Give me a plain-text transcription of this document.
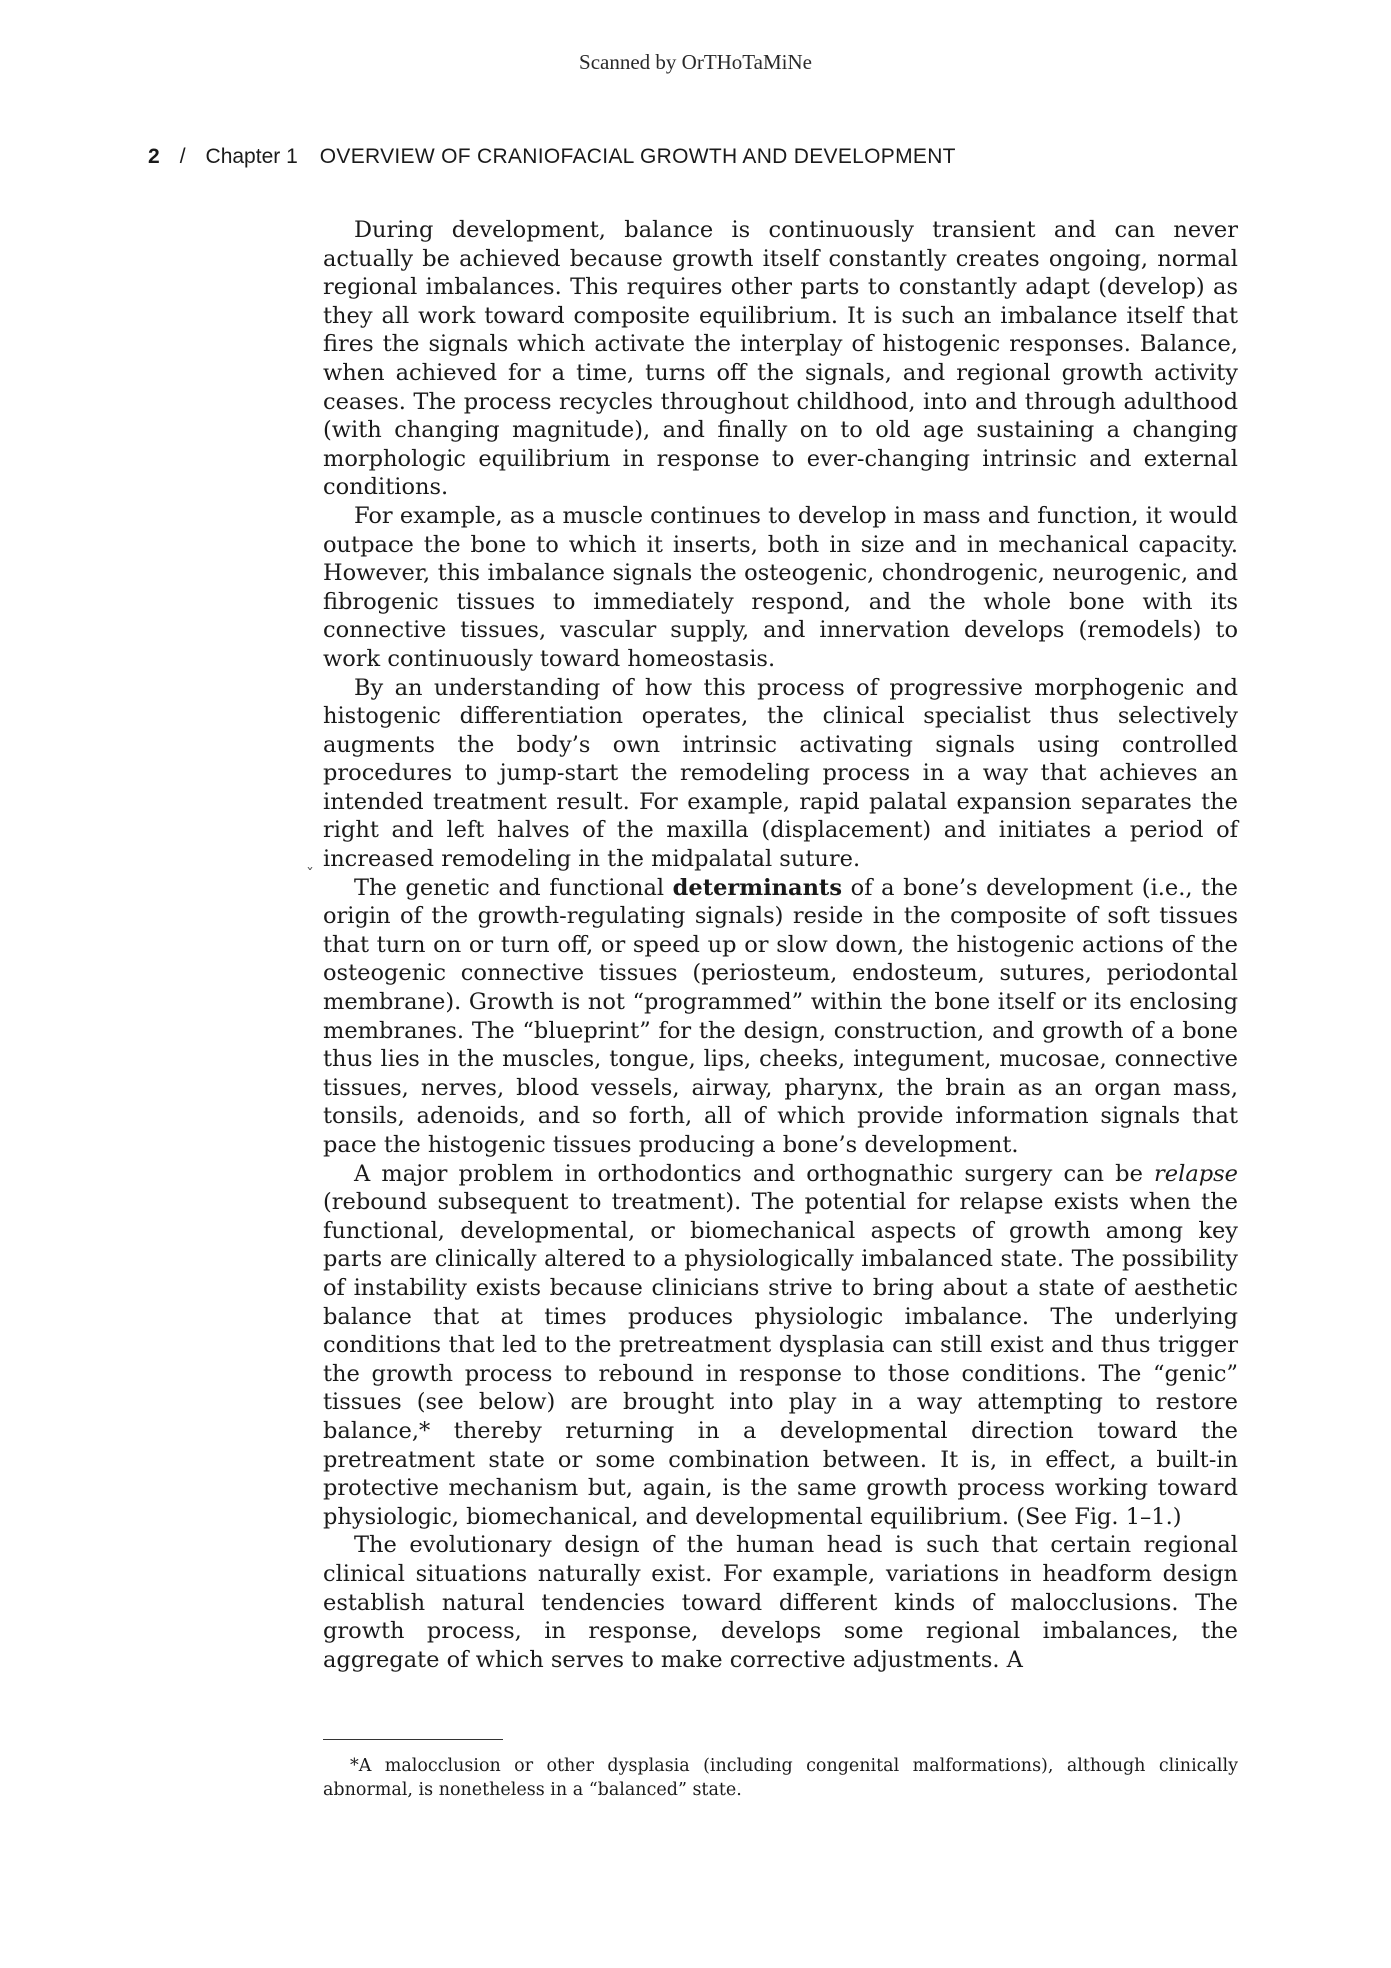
Scanned by OrTHoTaMiNe
2 / Chapter 1 OVERVIEW OF CRANIOFACIAL GROWTH AND DEVELOPMENT
ˇ

During development, balance is continuously transient and can never actually be achieved because growth itself constantly creates ongoing, normal regional imbalances. This requires other parts to constantly adapt (develop) as they all work toward composite equilibrium. It is such an imbalance itself that fires the signals which activate the interplay of histogenic responses. Balance, when achieved for a time, turns off the signals, and regional growth activity ceases. The process recycles throughout childhood, into and through adulthood (with changing magnitude), and finally on to old age sustaining a changing morphologic equilibrium in response to ever-changing intrinsic and external conditions.

For example, as a muscle continues to develop in mass and function, it would outpace the bone to which it inserts, both in size and in mechanical capacity. However, this imbalance signals the osteogenic, chondrogenic, neurogenic, and fibrogenic tissues to immediately respond, and the whole bone with its connective tissues, vascular supply, and innervation develops (remodels) to work continuously toward homeostasis.

By an understanding of how this process of progressive morphogenic and histogenic differentiation operates, the clinical specialist thus selectively augments the body’s own intrinsic activating signals using controlled procedures to jump-start the remodeling process in a way that achieves an intended treatment result. For example, rapid palatal expansion separates the right and left halves of the maxilla (displacement) and initiates a period of increased remodeling in the midpalatal suture.

The genetic and functional determinants of a bone’s development (i.e., the origin of the growth-regulating signals) reside in the composite of soft tissues that turn on or turn off, or speed up or slow down, the histogenic actions of the osteogenic connective tissues (periosteum, endosteum, sutures, periodontal membrane). Growth is not “programmed” within the bone itself or its enclosing membranes. The “blueprint” for the design, construction, and growth of a bone thus lies in the muscles, tongue, lips, cheeks, integument, mucosae, connective tissues, nerves, blood vessels, airway, pharynx, the brain as an organ mass, tonsils, adenoids, and so forth, all of which provide information signals that pace the histogenic tissues producing a bone’s development.

A major problem in orthodontics and orthognathic surgery can be relapse (rebound subsequent to treatment). The potential for relapse exists when the functional, developmental, or biomechanical aspects of growth among key parts are clinically altered to a physiologically imbalanced state. The possibility of instability exists because clinicians strive to bring about a state of aesthetic balance that at times produces physiologic imbalance. The underlying conditions that led to the pretreatment dysplasia can still exist and thus trigger the growth process to rebound in response to those conditions. The “genic” tissues (see below) are brought into play in a way attempting to restore balance,* thereby returning in a developmental direction toward the pretreatment state or some combination between. It is, in effect, a built-in protective mechanism but, again, is the same growth process working toward physiologic, biomechanical, and developmental equilibrium. (See Fig. 1–1.)

The evolutionary design of the human head is such that certain regional clinical situations naturally exist. For example, variations in headform design establish natural tendencies toward different kinds of malocclusions. The growth process, in response, develops some regional imbalances, the aggregate of which serves to make corrective adjustments. A

*A malocclusion or other dysplasia (including congenital malformations), although clinically abnormal, is nonetheless in a “balanced” state.
